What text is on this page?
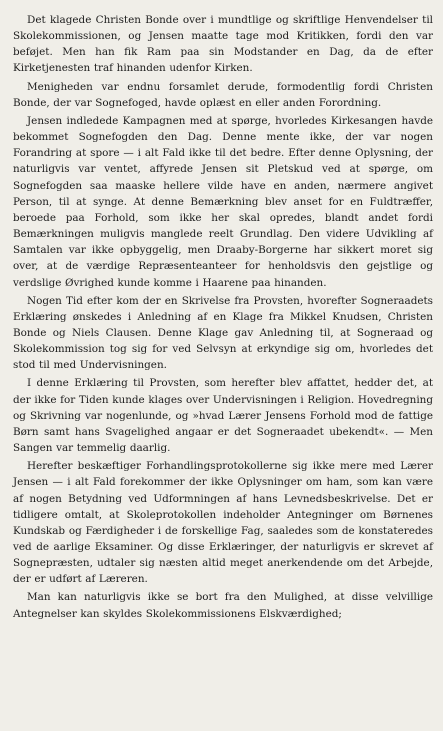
Det klagede Christen Bonde over i mundtlige og skriftlige Henvendelser til Skolekommissionen, og Jensen maatte tage mod Kritikken, fordi den var beføjet. Men han fik Ram paa sin Modstander en Dag, da de efter Kirketjenesten traf hinanden udenfor Kirken.

Menigheden var endnu forsamlet derude, formodentlig fordi Christen Bonde, der var Sognefoged, havde oplæst en eller anden Forordning.

Jensen indledede Kampagnen med at spørge, hvorledes Kirkesangen havde bekommet Sognefogden den Dag. Denne mente ikke, der var nogen Forandring at spore — i alt Fald ikke til det bedre. Efter denne Oplysning, der naturligvis var ventet, affyrede Jensen sit Pletskud ved at spørge, om Sognefogden saa maaske hellere vilde have en anden, nærmere angivet Person, til at synge. At denne Bemærkning blev anset for en Fuldtræffer, beroede paa Forhold, som ikke her skal opredes, blandt andet fordi Bemærkningen muligvis manglede reelt Grundlag. Den videre Udvikling af Samtalen var ikke opbyggelig, men Draaby-Borgerne har sikkert moret sig over, at de værdige Repræsenteanteer for henholdsvis den gejstlige og verdslige Øvrighed kunde komme i Haarene paa hinanden.

Nogen Tid efter kom der en Skrivelse fra Provsten, hvorefter Sogneraadets Erklæring ønskedes i Anledning af en Klage fra Mikkel Knudsen, Christen Bonde og Niels Clausen. Denne Klage gav Anledning til, at Sogneraad og Skolekommission tog sig for ved Selvsyn at erkyndige sig om, hvorledes det stod til med Undervisningen.

I denne Erklæring til Provsten, som herefter blev affattet, hedder det, at der ikke for Tiden kunde klages over Undervisningen i Religion. Hovedregning og Skrivning var nogenlunde, og »hvad Lærer Jensens Forhold mod de fattige Børn samt hans Svagelighed angaar er det Sogneraadet ubekendt«. — Men Sangen var temmelig daarlig.

Herefter beskæftiger Forhandlingsprotokollerne sig ikke mere med Lærer Jensen — i alt Fald forekommer der ikke Oplysninger om ham, som kan være af nogen Betydning ved Udformningen af hans Levnedsbeskrivelse. Det er tidligere omtalt, at Skoleprotokollen indeholder Antegninger om Børnenes Kundskab og Færdigheder i de forskellige Fag, saaledes som de konstateredes ved de aarlige Eksaminer. Og disse Erklæringer, der naturligvis er skrevet af Sognepræsten, udtaler sig næsten altid meget anerkendende om det Arbejde, der er udført af Læreren.

Man kan naturligvis ikke se bort fra den Mulighed, at disse velvillige Antegnelser kan skyldes Skolekommissionens Elskværdighed;
